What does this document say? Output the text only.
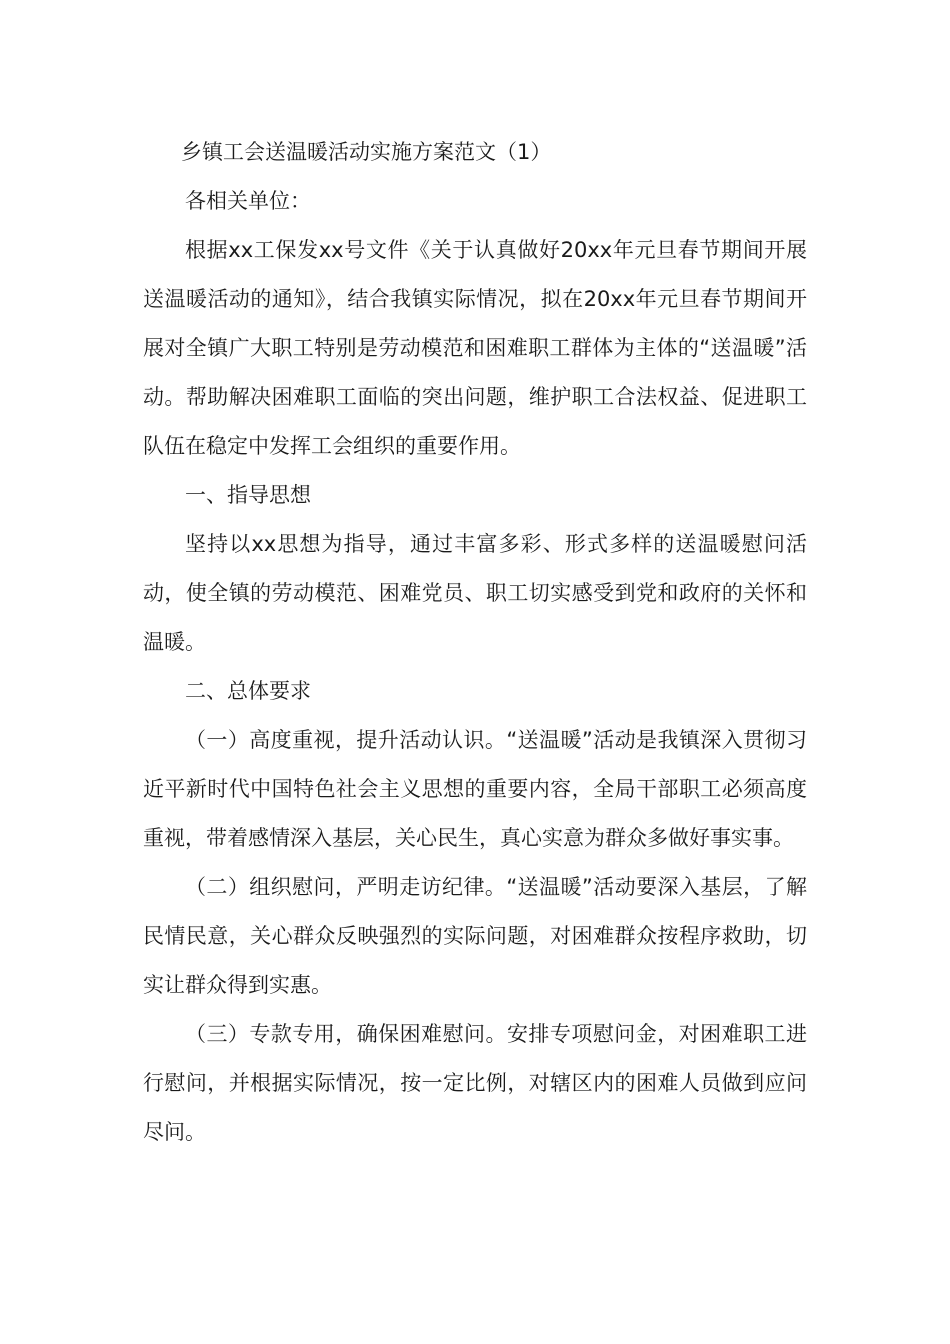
乡镇工会送温暖活动实施方案范文（1）

各相关单位：

根据xx工保发xx号文件《关于认真做好20xx年元旦春节期间开展送温暖活动的通知》，结合我镇实际情况，拟在20xx年元旦春节期间开展对全镇广大职工特别是劳动模范和困难职工群体为主体的“送温暖”活动。帮助解决困难职工面临的突出问题，维护职工合法权益、促进职工队伍在稳定中发挥工会组织的重要作用。

一、指导思想

坚持以xx思想为指导，通过丰富多彩、形式多样的送温暖慰问活动，使全镇的劳动模范、困难党员、职工切实感受到党和政府的关怀和温暖。

二、总体要求

（一）高度重视，提升活动认识。“送温暖”活动是我镇深入贯彻习近平新时代中国特色社会主义思想的重要内容，全局干部职工必须高度重视，带着感情深入基层，关心民生，真心实意为群众多做好事实事。

（二）组织慰问，严明走访纪律。“送温暖”活动要深入基层，了解民情民意，关心群众反映强烈的实际问题，对困难群众按程序救助，切实让群众得到实惠。

（三）专款专用，确保困难慰问。安排专项慰问金，对困难职工进行慰问，并根据实际情况，按一定比例，对辖区内的困难人员做到应问尽问。
